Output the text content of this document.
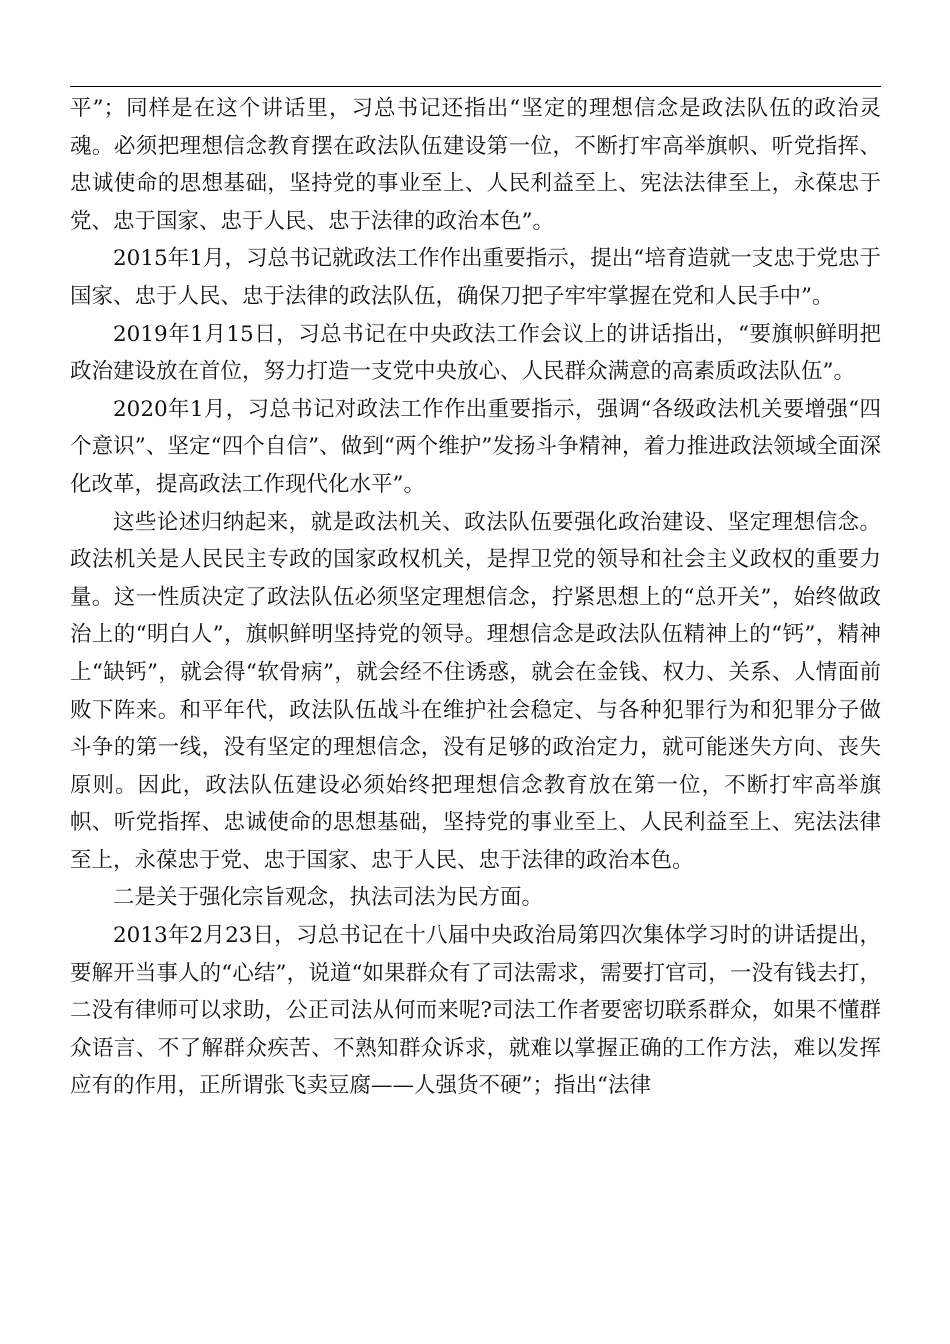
平”；同样是在这个讲话里，习总书记还指出“坚定的理想信念是政法队伍的政治灵魂。必须把理想信念教育摆在政法队伍建设第一位，不断打牢高举旗帜、听党指挥、忠诚使命的思想基础，坚持党的事业至上、人民利益至上、宪法法律至上，永葆忠于党、忠于国家、忠于人民、忠于法律的政治本色”。

2015年1月，习总书记就政法工作作出重要指示，提出“培育造就一支忠于党忠于国家、忠于人民、忠于法律的政法队伍，确保刀把子牢牢掌握在党和人民手中”。

2019年1月15日，习总书记在中央政法工作会议上的讲话指出，“要旗帜鲜明把政治建设放在首位，努力打造一支党中央放心、人民群众满意的高素质政法队伍”。

2020年1月，习总书记对政法工作作出重要指示，强调“各级政法机关要增强“四个意识”、坚定“四个自信”、做到“两个维护”发扬斗争精神，着力推进政法领域全面深化改革，提高政法工作现代化水平”。

这些论述归纳起来，就是政法机关、政法队伍要强化政治建设、坚定理想信念。政法机关是人民民主专政的国家政权机关，是捍卫党的领导和社会主义政权的重要力量。这一性质决定了政法队伍必须坚定理想信念，拧紧思想上的“总开关”，始终做政治上的“明白人”，旗帜鲜明坚持党的领导。理想信念是政法队伍精神上的“钙”，精神上“缺钙”，就会得“软骨病”，就会经不住诱惑，就会在金钱、权力、关系、人情面前败下阵来。和平年代，政法队伍战斗在维护社会稳定、与各种犯罪行为和犯罪分子做斗争的第一线，没有坚定的理想信念，没有足够的政治定力，就可能迷失方向、丧失原则。因此，政法队伍建设必须始终把理想信念教育放在第一位，不断打牢高举旗帜、听党指挥、忠诚使命的思想基础，坚持党的事业至上、人民利益至上、宪法法律至上，永葆忠于党、忠于国家、忠于人民、忠于法律的政治本色。

二是关于强化宗旨观念，执法司法为民方面。

2013年2月23日，习总书记在十八届中央政治局第四次集体学习时的讲话提出，要解开当事人的“心结”，说道“如果群众有了司法需求，需要打官司，一没有钱去打，二没有律师可以求助，公正司法从何而来呢?司法工作者要密切联系群众，如果不懂群众语言、不了解群众疾苦、不熟知群众诉求，就难以掌握正确的工作方法，难以发挥应有的作用，正所谓张飞卖豆腐——人强货不硬”；指出“法律
